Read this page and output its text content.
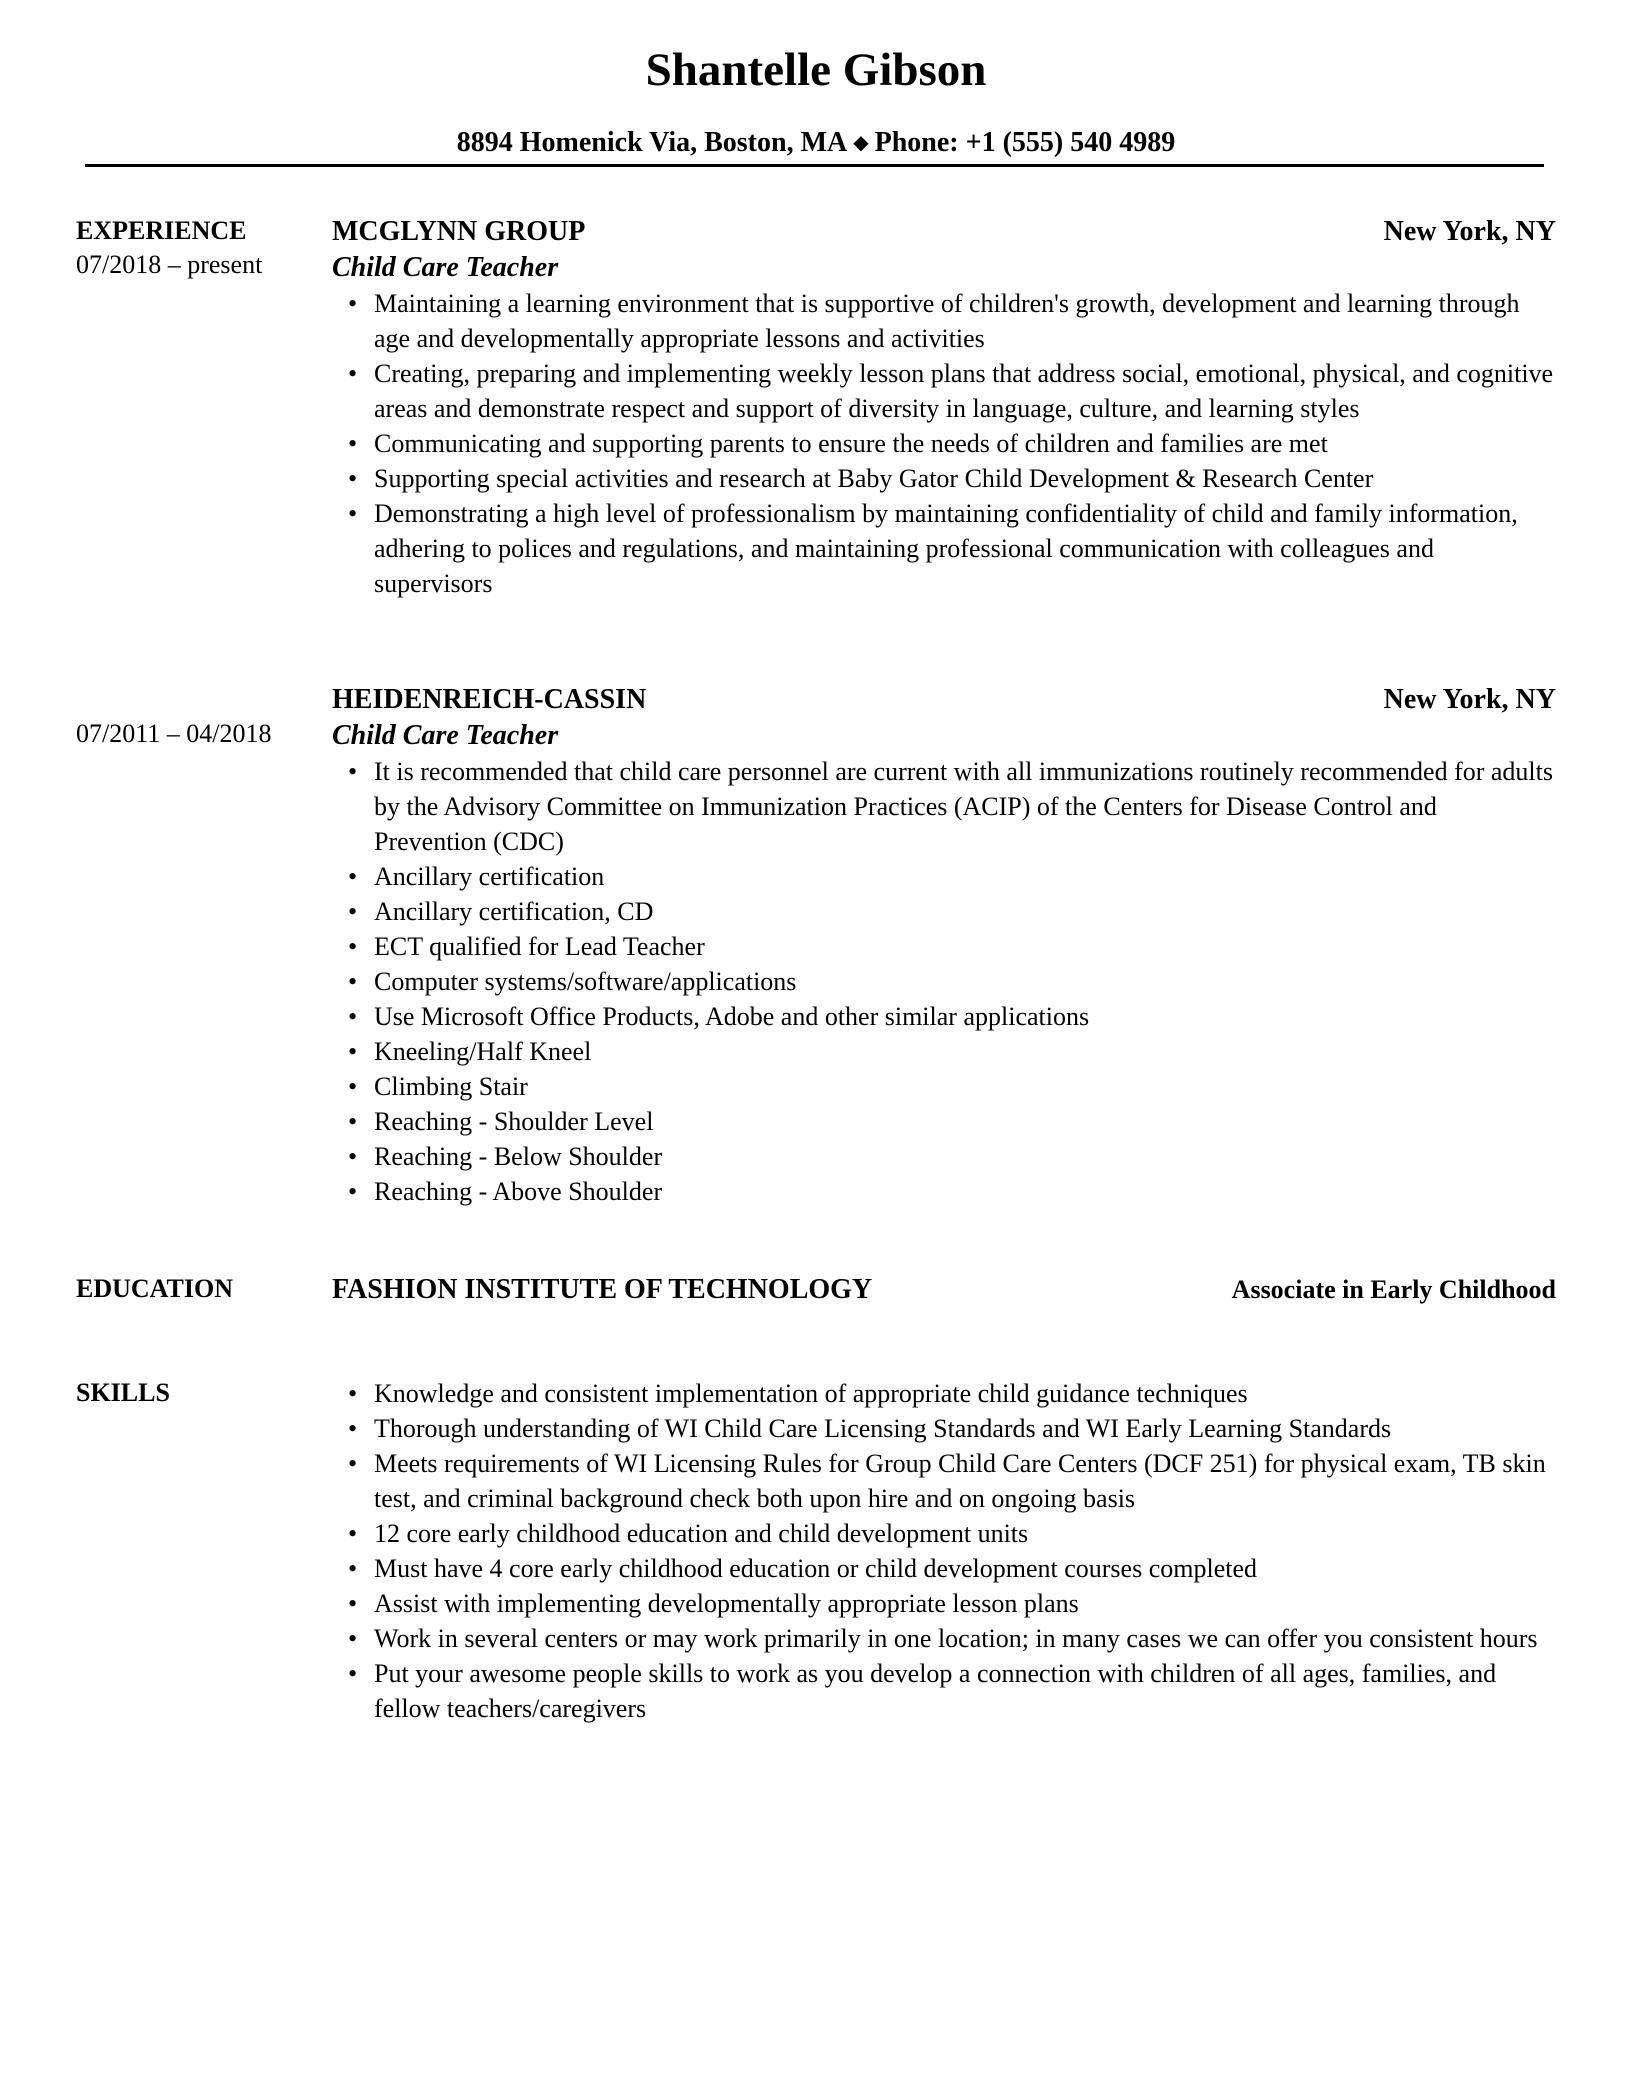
Shantelle Gibson
8894 Homenick Via, Boston, MA ◆ Phone: +1 (555) 540 4989
EXPERIENCE
07/2018 – present
MCGLYNN GROUP	New York, NY
Child Care Teacher
• Maintaining a learning environment that is supportive of children's growth, development and learning through age and developmentally appropriate lessons and activities
• Creating, preparing and implementing weekly lesson plans that address social, emotional, physical, and cognitive areas and demonstrate respect and support of diversity in language, culture, and learning styles
• Communicating and supporting parents to ensure the needs of children and families are met
• Supporting special activities and research at Baby Gator Child Development & Research Center
• Demonstrating a high level of professionalism by maintaining confidentiality of child and family information, adhering to polices and regulations, and maintaining professional communication with colleagues and supervisors
07/2011 – 04/2018
HEIDENREICH-CASSIN	New York, NY
Child Care Teacher
• It is recommended that child care personnel are current with all immunizations routinely recommended for adults by the Advisory Committee on Immunization Practices (ACIP) of the Centers for Disease Control and Prevention (CDC)
• Ancillary certification
• Ancillary certification, CD
• ECT qualified for Lead Teacher
• Computer systems/software/applications
• Use Microsoft Office Products, Adobe and other similar applications
• Kneeling/Half Kneel
• Climbing Stair
• Reaching - Shoulder Level
• Reaching - Below Shoulder
• Reaching - Above Shoulder
EDUCATION	FASHION INSTITUTE OF TECHNOLOGY	Associate in Early Childhood
SKILLS
•	Knowledge and consistent implementation of appropriate child guidance techniques
• Thorough understanding of WI Child Care Licensing Standards and WI Early Learning Standards
• Meets requirements of WI Licensing Rules for Group Child Care Centers (DCF 251) for physical exam, TB skin test, and criminal background check both upon hire and on ongoing basis
• 12 core early childhood education and child development units
• Must have 4 core early childhood education or child development courses completed
• Assist with implementing developmentally appropriate lesson plans
• Work in several centers or may work primarily in one location; in many cases we can offer you consistent hours
• Put your awesome people skills to work as you develop a connection with children of all ages, families, and fellow teachers/caregivers
